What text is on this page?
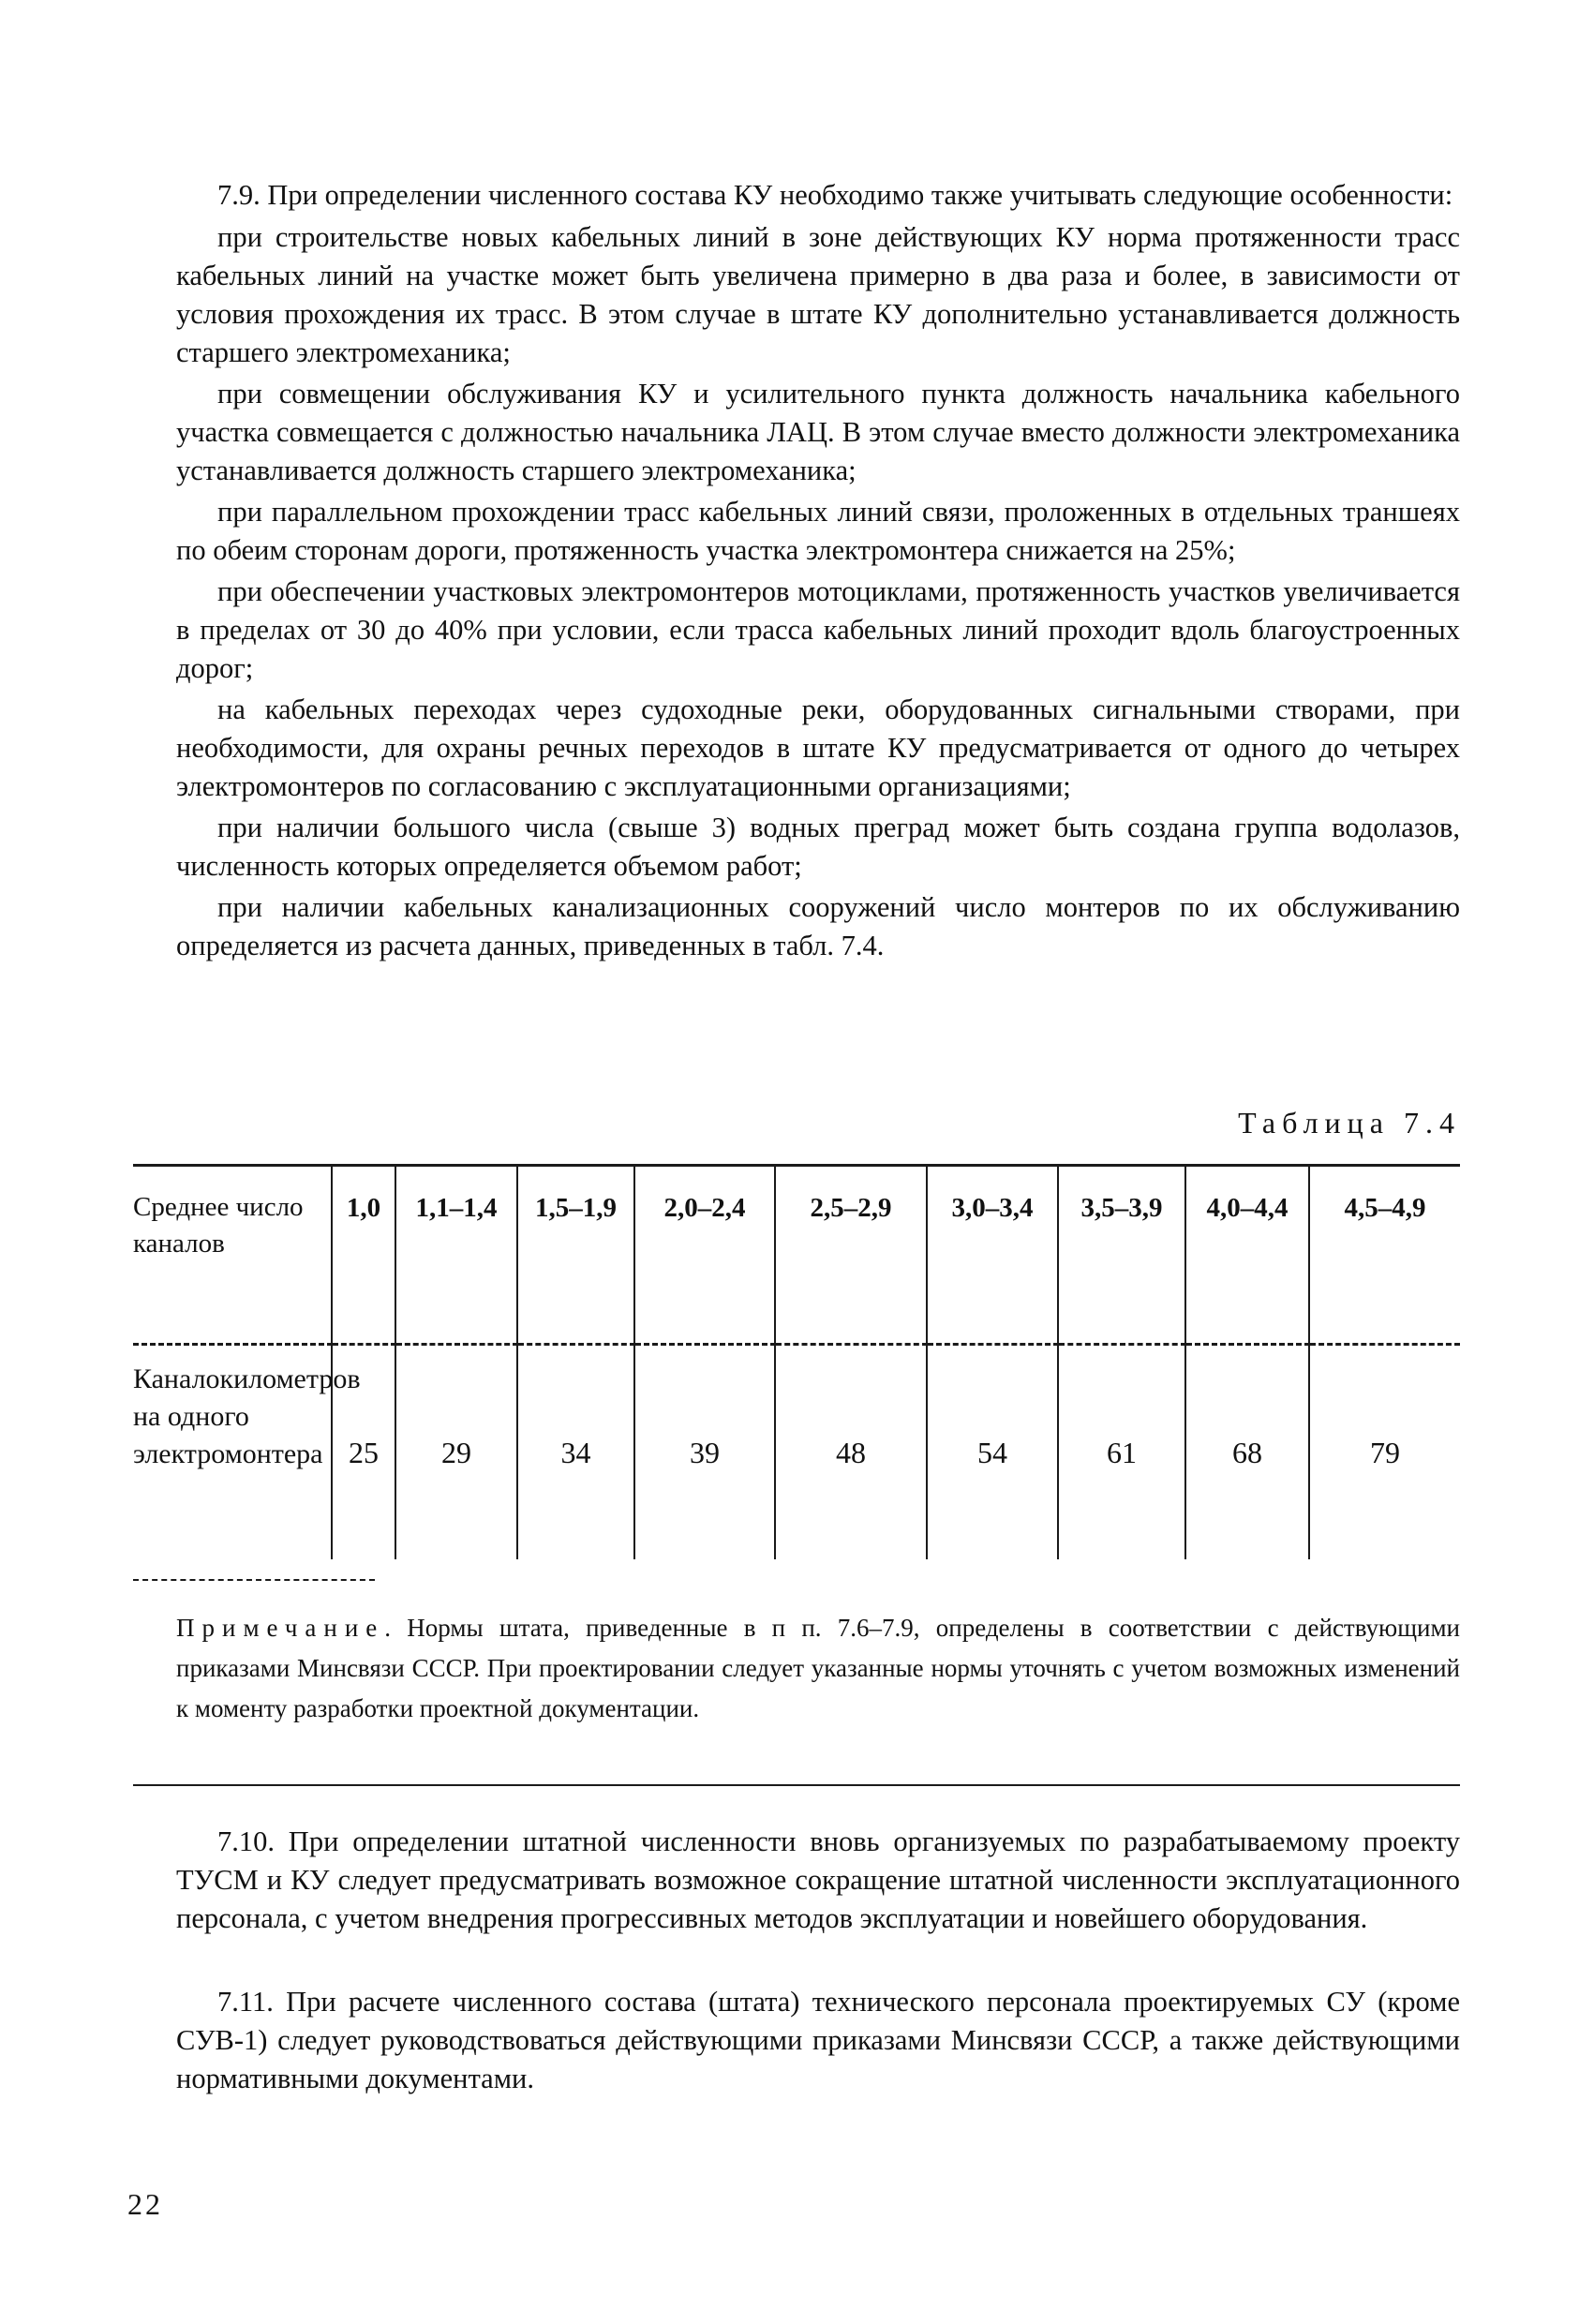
7.9. При определении численного состава КУ необходимо также учитывать следующие особенности:

при строительстве новых кабельных линий в зоне действующих КУ норма протяженности трасс кабельных линий на участке может быть увеличена примерно в два раза и более, в зависимости от условия прохождения их трасс. В этом случае в штате КУ дополнительно устанавливается должность старшего электромеханика;

при совмещении обслуживания КУ и усилительного пункта должность начальника кабельного участка совмещается с должностью начальника ЛАЦ. В этом случае вместо должности электромеханика устанавливается должность старшего электромеханика;

при параллельном прохождении трасс кабельных линий связи, проложенных в отдельных траншеях по обеим сторонам дороги, протяженность участка электромонтера снижается на 25%;

при обеспечении участковых электромонтеров мотоциклами, протяженность участков увеличивается в пределах от 30 до 40% при условии, если трасса кабельных линий проходит вдоль благоустроенных дорог;

на кабельных переходах через судоходные реки, оборудованных сигнальными створами, при необходимости, для охраны речных переходов в штате КУ предусматривается от одного до четырех электромонтеров по согласованию с эксплуатационными организациями;

при наличии большого числа (свыше 3) водных преград может быть создана группа водолазов, численность которых определяется объемом работ;

при наличии кабельных канализационных сооружений число монтеров по их обслуживанию определяется из расчета данных, приведенных в табл. 7.4.

Таблица 7.4
Среднее число каналов	1,0	1,1–1,4	1,5–1,9	2,0–2,4	2,5–2,9	3,0–3,4	3,5–3,9	4,0–4,4	4,5–4,9
Каналокилометров на одного электромонтера	25	29	34	39	48	54	61	68	79

Примечание. Нормы штата, приведенные в п п. 7.6–7.9, определены в соответствии с действующими приказами Минсвязи СССР. При проектировании следует указанные нормы уточнять с учетом возможных изменений к моменту разработки проектной документации.

7.10. При определении штатной численности вновь организуемых по разрабатываемому проекту ТУСМ и КУ следует предусматривать возможное сокращение штатной численности эксплуатационного персонала, с учетом внедрения прогрессивных методов эксплуатации и новейшего оборудования.

7.11. При расчете численного состава (штата) технического персонала проектируемых СУ (кроме СУВ-1) следует руководствоваться действующими приказами Минсвязи СССР, а также действующими нормативными документами.

22
